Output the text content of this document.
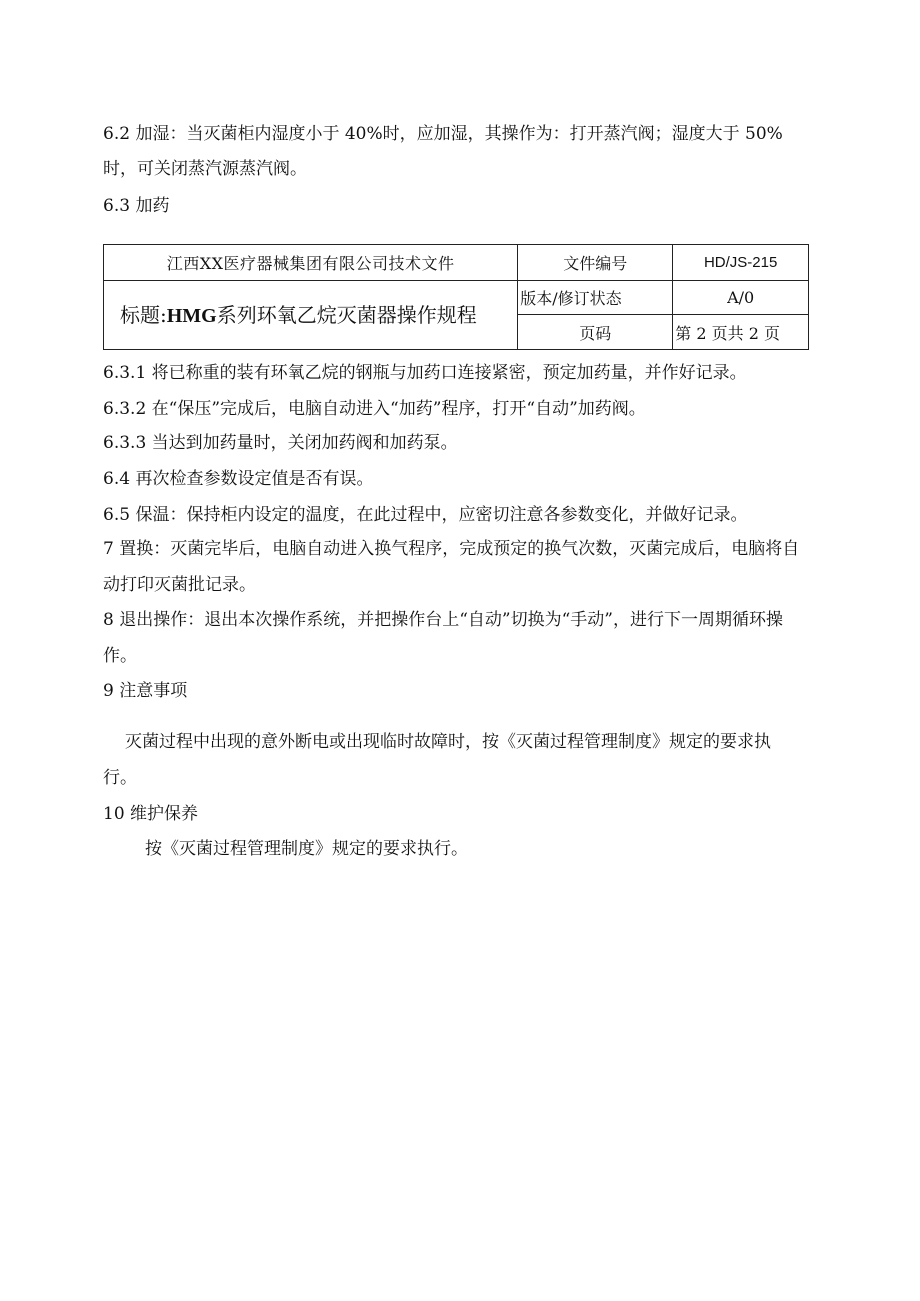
6.2 加湿：当灭菌柜内湿度小于 40%时，应加湿，其操作为：打开蒸汽阀；湿度大于 50%时，可关闭蒸汽源蒸汽阀。

6.3 加药

江西XX医疗器械集团有限公司技术文件	文件编号	HD/JS-215
标题:HMG系列环氧乙烷灭菌器操作规程	版本/修订状态	A/0
	页码	第 2 页共 2 页

6.3.1 将已称重的装有环氧乙烷的钢瓶与加药口连接紧密，预定加药量，并作好记录。

6.3.2 在“保压”完成后，电脑自动进入“加药”程序，打开“自动”加药阀。

6.3.3 当达到加药量时，关闭加药阀和加药泵。

6.4 再次检查参数设定值是否有误。

6.5 保温：保持柜内设定的温度，在此过程中，应密切注意各参数变化，并做好记录。

7 置换：灭菌完毕后，电脑自动进入换气程序，完成预定的换气次数，灭菌完成后，电脑将自动打印灭菌批记录。

8 退出操作：退出本次操作系统，并把操作台上“自动”切换为“手动”，进行下一周期循环操作。

9 注意事项

灭菌过程中出现的意外断电或出现临时故障时，按《灭菌过程管理制度》规定的要求执行。

10 维护保养

按《灭菌过程管理制度》规定的要求执行。
